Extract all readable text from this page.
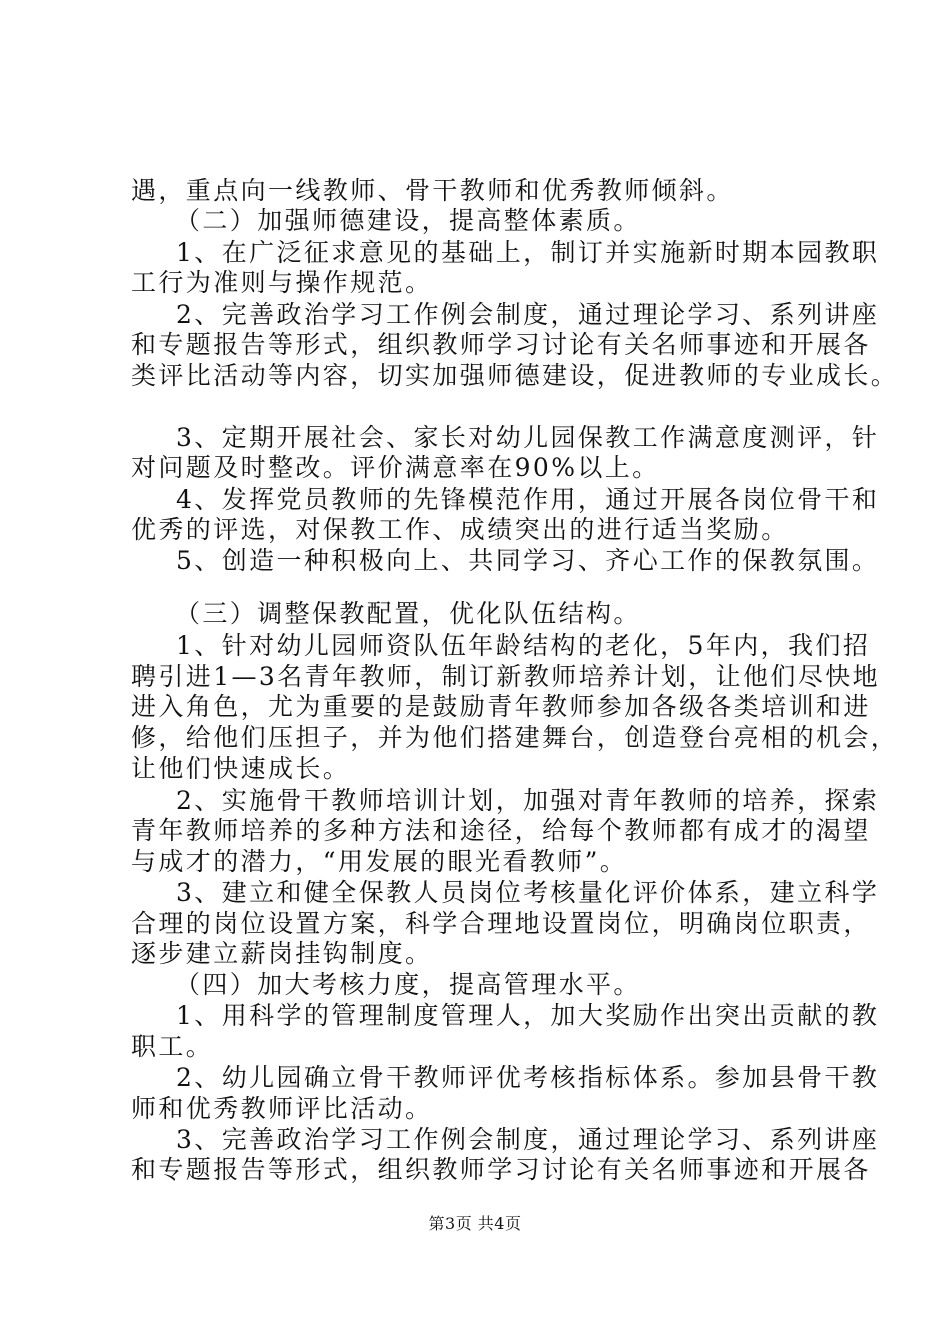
遇，重点向一线教师、骨干教师和优秀教师倾斜。
（二）加强师德建设，提高整体素质。
1、在广泛征求意见的基础上，制订并实施新时期本园教职
工行为准则与操作规范。
2、完善政治学习工作例会制度，通过理论学习、系列讲座
和专题报告等形式，组织教师学习讨论有关名师事迹和开展各
类评比活动等内容，切实加强师德建设，促进教师的专业成长。
3、定期开展社会、家长对幼儿园保教工作满意度测评，针
对问题及时整改。评价满意率在90%以上。
4、发挥党员教师的先锋模范作用，通过开展各岗位骨干和
优秀的评选，对保教工作、成绩突出的进行适当奖励。
5、创造一种积极向上、共同学习、齐心工作的保教氛围。
（三）调整保教配置，优化队伍结构。
1、针对幼儿园师资队伍年龄结构的老化，5年内，我们招
聘引进1—3名青年教师，制订新教师培养计划，让他们尽快地
进入角色，尤为重要的是鼓励青年教师参加各级各类培训和进
修，给他们压担子，并为他们搭建舞台，创造登台亮相的机会，
让他们快速成长。
2、实施骨干教师培训计划，加强对青年教师的培养，探索
青年教师培养的多种方法和途径，给每个教师都有成才的渴望
与成才的潜力，“用发展的眼光看教师”。
3、建立和健全保教人员岗位考核量化评价体系，建立科学
合理的岗位设置方案，科学合理地设置岗位，明确岗位职责，
逐步建立薪岗挂钩制度。
（四）加大考核力度，提高管理水平。
1、用科学的管理制度管理人，加大奖励作出突出贡献的教
职工。
2、幼儿园确立骨干教师评优考核指标体系。参加县骨干教
师和优秀教师评比活动。
3、完善政治学习工作例会制度，通过理论学习、系列讲座
和专题报告等形式，组织教师学习讨论有关名师事迹和开展各
第3页 共4页
